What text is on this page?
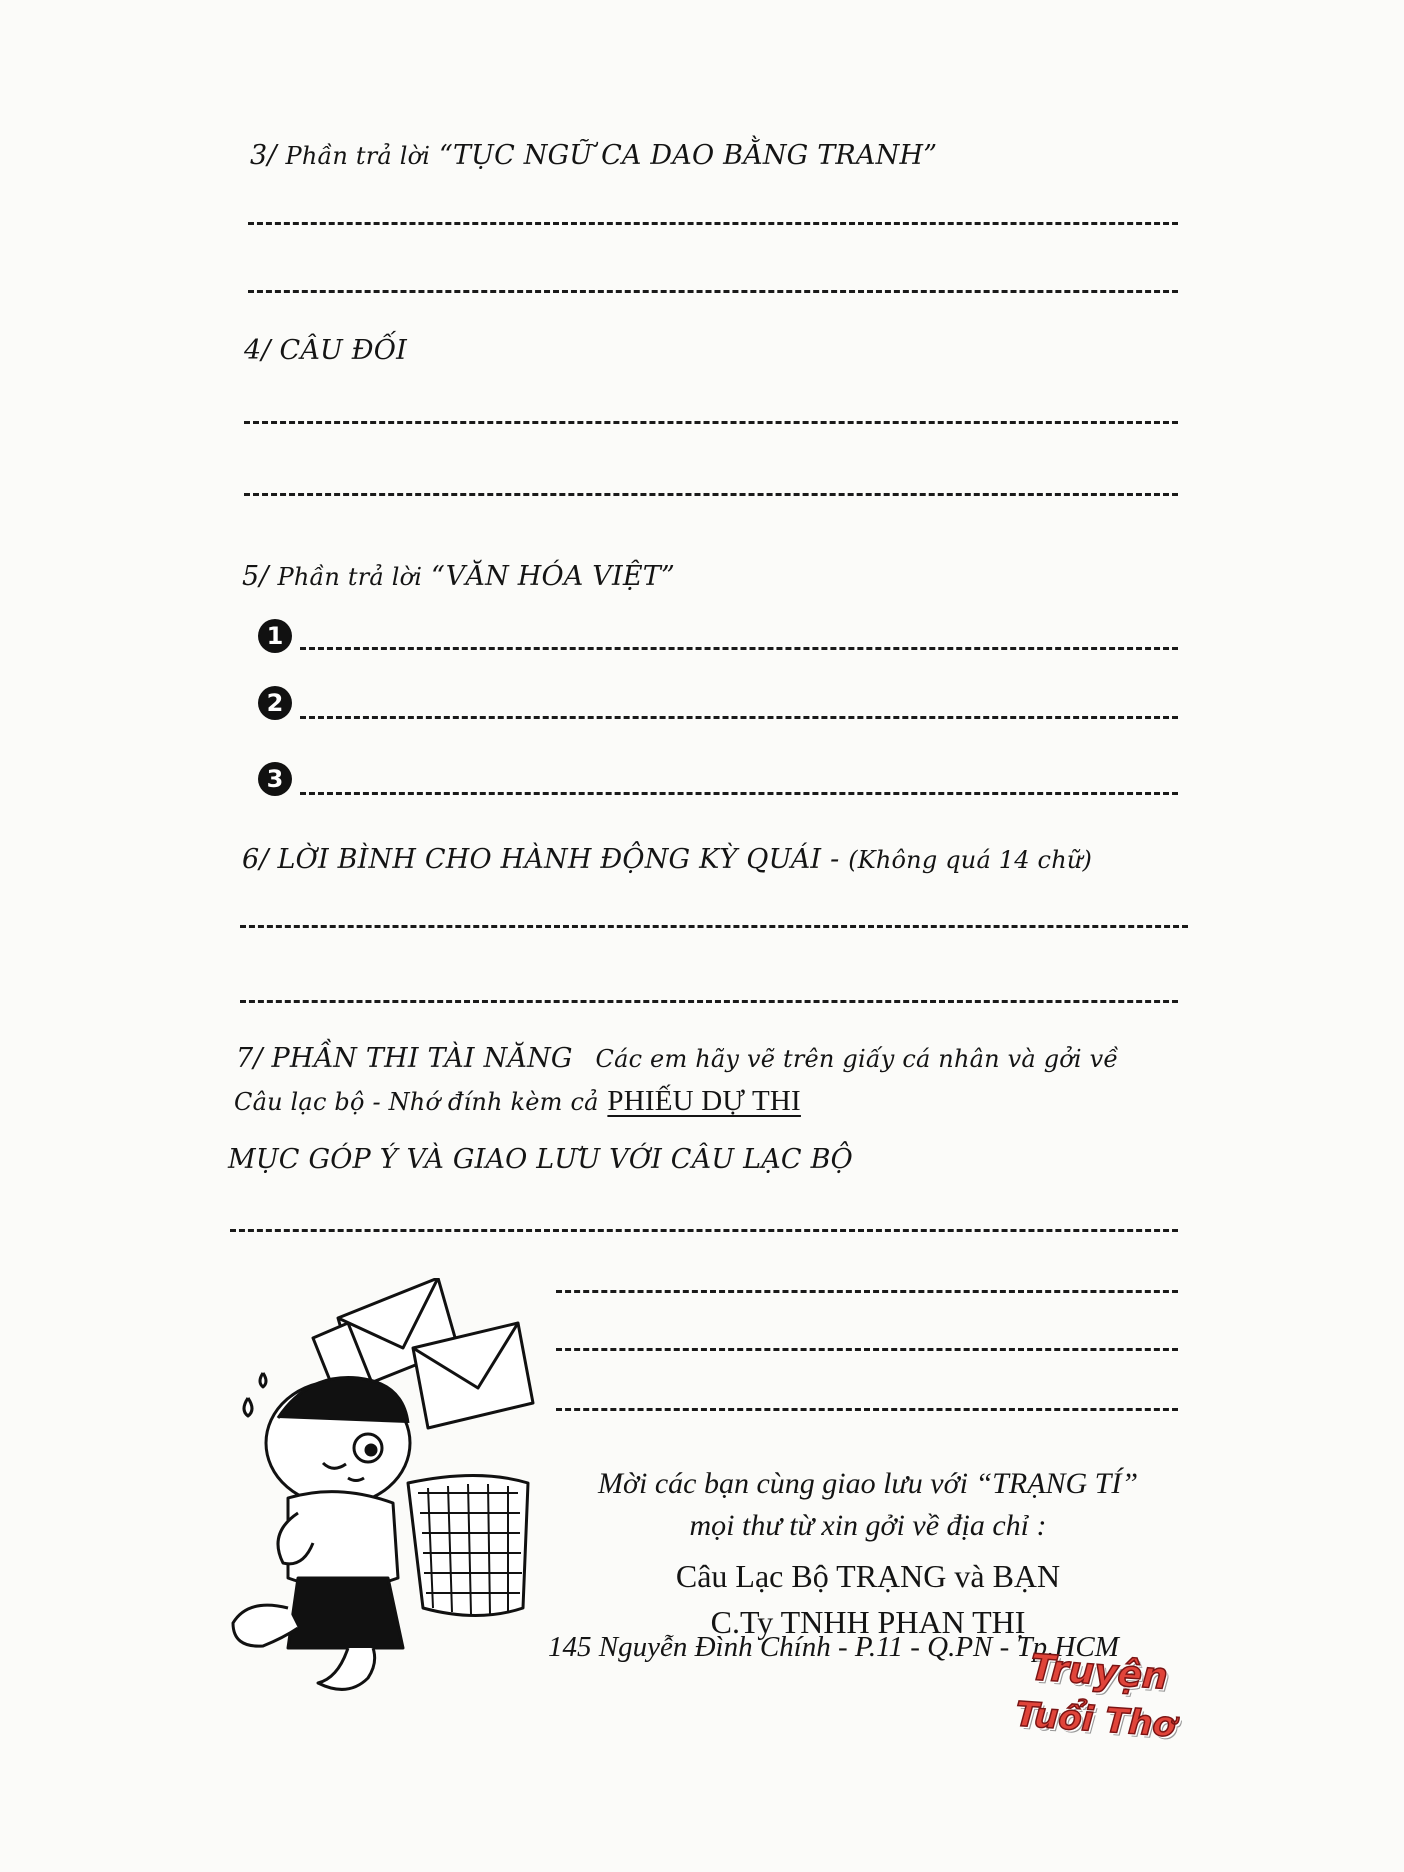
3/ Phần trả lời “TỤC NGỮ CA DAO BẰNG TRANH”
4/ CÂU ĐỐI
5/ Phần trả lời “VĂN HÓA VIỆT”
1
2
3
6/ LỜI BÌNH CHO HÀNH ĐỘNG KỲ QUÁI - (Không quá 14 chữ)
7/ PHẦN THI TÀI NĂNG Các em hãy vẽ trên giấy cá nhân và gởi về
Câu lạc bộ - Nhớ đính kèm cả PHIẾU DỰ THI
MỤC GÓP Ý VÀ GIAO LƯU VỚI CÂU LẠC BỘ
Mời các bạn cùng giao lưu với “TRẠNG TÍ”
mọi thư từ xin gởi về địa chỉ :
Câu Lạc Bộ TRẠNG và BẠN
C.Ty TNHH PHAN THỊ
145 Nguyễn Đình Chính - P.11 - Q.PN - Tp.HCM
Truyện
Tuổi Thơ
